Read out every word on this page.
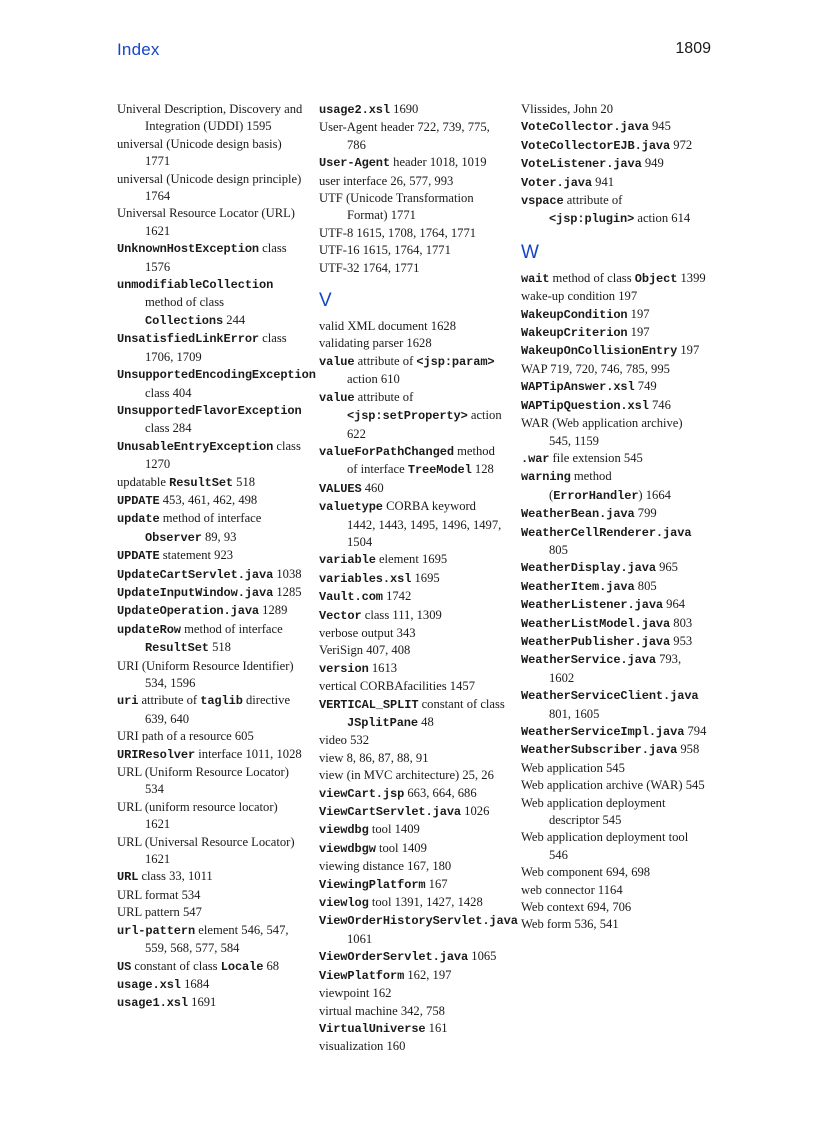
Index	1809

Univeral Description, Discovery and Integration (UDDI) 1595

universal (Unicode design basis) 1771

universal (Unicode design principle) 1764

Universal Resource Locator (URL) 1621

UnknownHostException class 1576

unmodifiableCollection method of class Collections 244

UnsatisfiedLinkError class 1706, 1709

UnsupportedEncodingException class 404

UnsupportedFlavorException class 284

UnusableEntryException class 1270

updatable ResultSet 518

UPDATE 453, 461, 462, 498

update method of interface Observer 89, 93

UPDATE statement 923

UpdateCartServlet.java 1038

UpdateInputWindow.java 1285

UpdateOperation.java 1289

updateRow method of interface ResultSet 518

URI (Uniform Resource Identifier) 534, 1596

uri attribute of taglib directive 639, 640

URI path of a resource 605

URIResolver interface 1011, 1028

URL (Uniform Resource Locator) 534

URL (uniform resource locator) 1621

URL (Universal Resource Locator) 1621

URL class 33, 1011

URL format 534

URL pattern 547

url-pattern element 546, 547, 559, 568, 577, 584

US constant of class Locale 68

usage.xsl 1684

usage1.xsl 1691

usage2.xsl 1690

User-Agent header 722, 739, 775, 786

User-Agent header 1018, 1019

user interface 26, 577, 993

UTF (Unicode Transformation Format) 1771

UTF-8 1615, 1708, 1764, 1771

UTF-16 1615, 1764, 1771

UTF-32 1764, 1771

V

valid XML document 1628

validating parser 1628

value attribute of <jsp:param> action 610

value attribute of <jsp:setProperty> action 622

valueForPathChanged method of interface TreeModel 128

VALUES 460

valuetype CORBA keyword 1442, 1443, 1495, 1496, 1497, 1504

variable element 1695

variables.xsl 1695

Vault.com 1742

Vector class 111, 1309

verbose output 343

VeriSign 407, 408

version 1613

vertical CORBAfacilities 1457

VERTICAL_SPLIT constant of class JSplitPane 48

video 532

view 8, 86, 87, 88, 91

view (in MVC architecture) 25, 26

viewCart.jsp 663, 664, 686

ViewCartServlet.java 1026

viewdbg tool 1409

viewdbgw tool 1409

viewing distance 167, 180

ViewingPlatform 167

viewlog tool 1391, 1427, 1428

ViewOrderHistoryServlet.java 1061

ViewOrderServlet.java 1065

ViewPlatform 162, 197

viewpoint 162

virtual machine 342, 758

VirtualUniverse 161

visualization 160

Vlissides, John 20

VoteCollector.java 945

VoteCollectorEJB.java 972

VoteListener.java 949

Voter.java 941

vspace attribute of <jsp:plugin> action 614

W

wait method of class Object 1399

wake-up condition 197

WakeupCondition 197

WakeupCriterion 197

WakeupOnCollisionEntry 197

WAP 719, 720, 746, 785, 995

WAPTipAnswer.xsl 749

WAPTipQuestion.xsl 746

WAR (Web application archive) 545, 1159

.war file extension 545

warning method (ErrorHandler) 1664

WeatherBean.java 799

WeatherCellRenderer.java 805

WeatherDisplay.java 965

WeatherItem.java 805

WeatherListener.java 964

WeatherListModel.java 803

WeatherPublisher.java 953

WeatherService.java 793, 1602

WeatherServiceClient.java 801, 1605

WeatherServiceImpl.java 794

WeatherSubscriber.java 958

Web application 545

Web application archive (WAR) 545

Web application deployment descriptor 545

Web application deployment tool 546

Web component 694, 698

web connector 1164

Web context 694, 706

Web form 536, 541
